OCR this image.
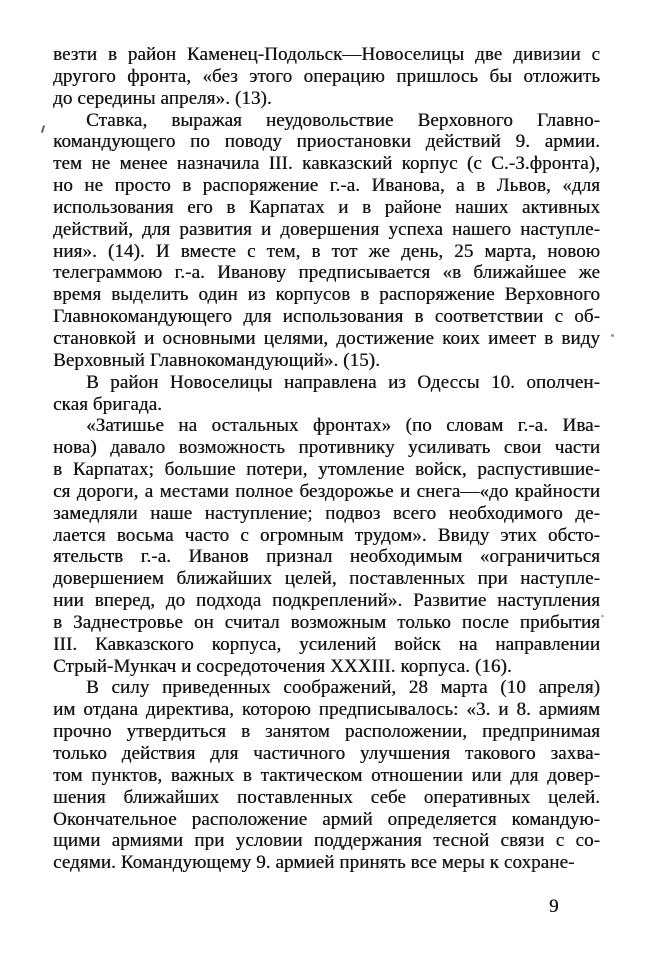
везти в район Каменец-Подольск—Новоселицы две дивизии с
другого фронта, «без этого операцию пришлось бы отложить
до середины апреля». (13).
Ставка, выражая неудовольствие Верховного Главно-
командующего по поводу приостановки действий 9. армии.
тем не менее назначила III. кавказский корпус (с С.-З.фронта),
но не просто в распоряжение г.-а. Иванова, а в Львов, «для
использования его в Карпатах и в районе наших активных
действий, для развития и довершения успеха нашего наступле-
ния». (14). И вместе с тем, в тот же день, 25 марта, новою
телеграммою г.-а. Иванову предписывается «в ближайшее же
время выделить один из корпусов в распоряжение Верховного
Главнокомандующего для использования в соответствии с об-
становкой и основными целями, достижение коих имеет в виду
Верховный Главнокомандующий». (15).
В район Новоселицы направлена из Одессы 10. ополчен-
ская бригада.
«Затишье на остальных фронтах» (по словам г.-а. Ива-
нова) давало возможность противнику усиливать свои части
в Карпатах; большие потери, утомление войск, распустившие-
ся дороги, а местами полное бездорожье и снега—«до крайности
замедляли наше наступление; подвоз всего необходимого де-
лается восьма часто с огромным трудом». Ввиду этих обсто-
ятельств г.-а. Иванов признал необходимым «ограничиться
довершением ближайших целей, поставленных при наступле-
нии вперед, до подхода подкреплений». Развитие наступления
в Заднестровье он считал возможным только после прибытия
III. Кавказского корпуса, усилений войск на направлении
Стрый-Мункач и сосредоточения XXXIII. корпуса. (16).
В силу приведенных соображений, 28 марта (10 апреля)
им отдана директива, которою предписывалось: «3. и 8. армиям
прочно утвердиться в занятом расположении, предпринимая
только действия для частичного улучшения такового захва-
том пунктов, важных в тактическом отношении или для довер-
шения ближайших поставленных себе оперативных целей.
Окончательное расположение армий определяется командую-
щими армиями при условии поддержания тесной связи с со-
седями. Командующему 9. армией принять все меры к сохране-
9
